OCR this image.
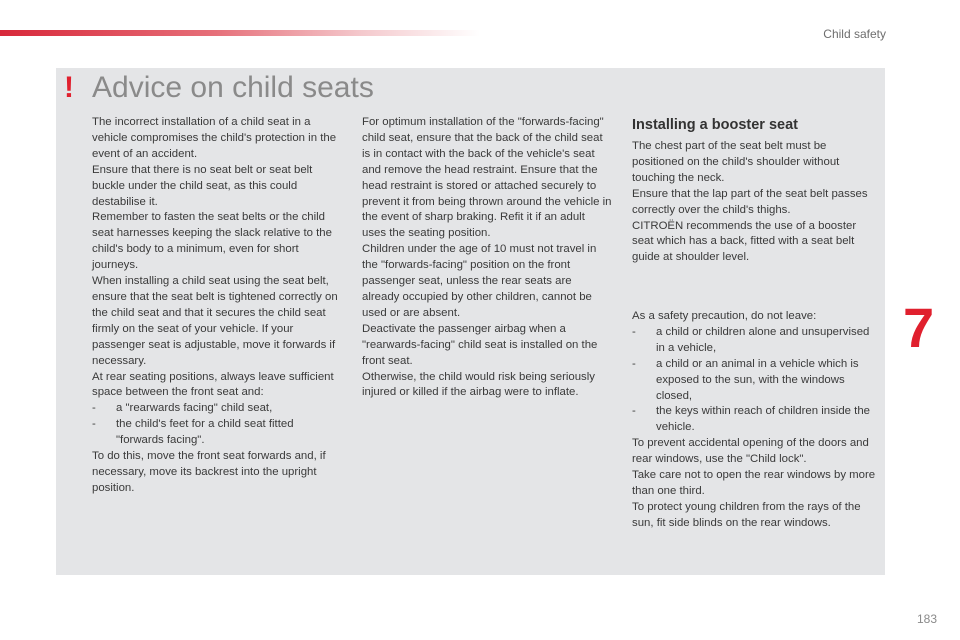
Child safety
! Advice on child seats

The incorrect installation of a child seat in a vehicle compromises the child's protection in the event of an accident.

Ensure that there is no seat belt or seat belt buckle under the child seat, as this could destabilise it.

Remember to fasten the seat belts or the child seat harnesses keeping the slack relative to the child's body to a minimum, even for short journeys.

When installing a child seat using the seat belt, ensure that the seat belt is tightened correctly on the child seat and that it secures the child seat firmly on the seat of your vehicle. If your passenger seat is adjustable, move it forwards if necessary.

At rear seating positions, always leave sufficient space between the front seat and:

-	a "rearwards facing" child seat,
-	the child's feet for a child seat fitted "forwards facing".

To do this, move the front seat forwards and, if necessary, move its backrest into the upright position.

For optimum installation of the "forwards-facing" child seat, ensure that the back of the child seat is in contact with the back of the vehicle's seat and remove the head restraint. Ensure that the head restraint is stored or attached securely to prevent it from being thrown around the vehicle in the event of sharp braking. Refit it if an adult uses the seating position.

Children under the age of 10 must not travel in the "forwards-facing" position on the front passenger seat, unless the rear seats are already occupied by other children, cannot be used or are absent.

Deactivate the passenger airbag when a "rearwards-facing" child seat is installed on the front seat.

Otherwise, the child would risk being seriously injured or killed if the airbag were to inflate.

Installing a booster seat

The chest part of the seat belt must be positioned on the child's shoulder without touching the neck.

Ensure that the lap part of the seat belt passes correctly over the child's thighs.

CITROËN recommends the use of a booster seat which has a back, fitted with a seat belt guide at shoulder level.

As a safety precaution, do not leave:

-	a child or children alone and unsupervised in a vehicle,
-	a child or an animal in a vehicle which is exposed to the sun, with the windows closed,
-	the keys within reach of children inside the vehicle.

To prevent accidental opening of the doors and rear windows, use the "Child lock".

Take care not to open the rear windows by more than one third.

To protect young children from the rays of the sun, fit side blinds on the rear windows.

7
183
